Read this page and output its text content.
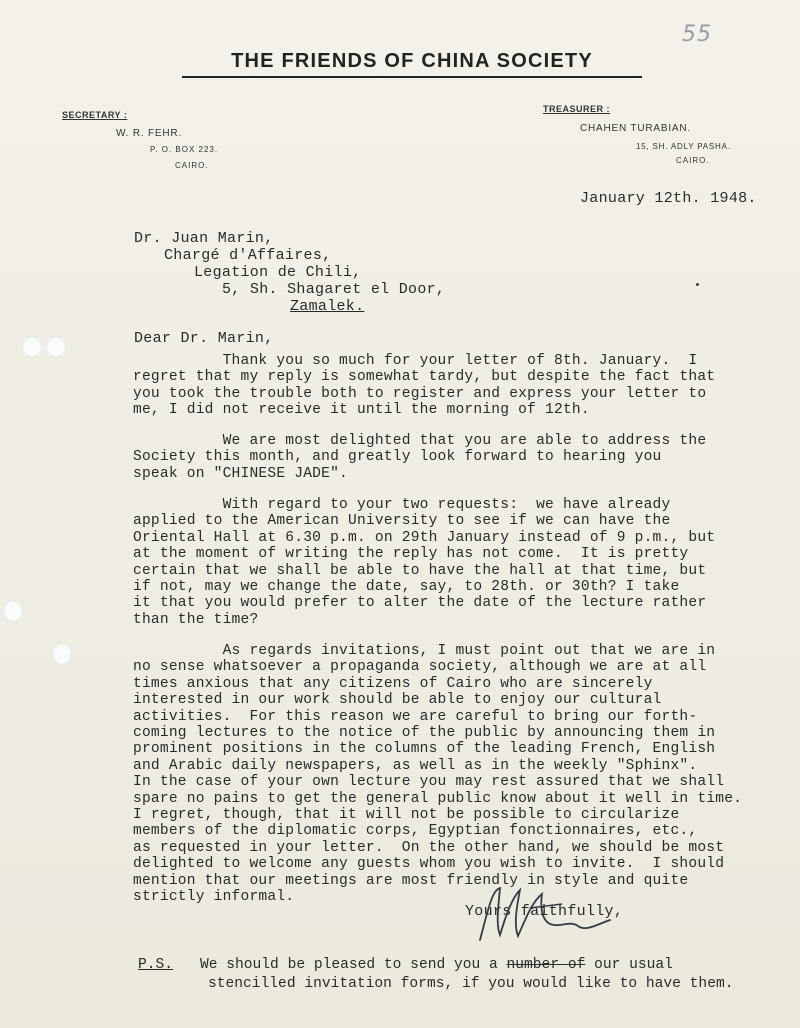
55
THE FRIENDS OF CHINA SOCIETY
SECRETARY :
W. R. FEHR.
P. O. BOX 223.
CAIRO.
TREASURER :
CHAHEN TURABIAN.
15, SH. ADLY PASHA.
CAIRO.
January 12th. 1948.
Dr. Juan Marin,
Chargé d'Affaires,
Legation de Chili,
5, Sh. Shagaret el Door,
Zamalek.
Dear Dr. Marin,
Thank you so much for your letter of 8th. January.  I
regret that my reply is somewhat tardy, but despite the fact that
you took the trouble both to register and express your letter to
me, I did not receive it until the morning of 12th.
We are most delighted that you are able to address the
Society this month, and greatly look forward to hearing you
speak on "CHINESE JADE".
With regard to your two requests:  we have already
applied to the American University to see if we can have the
Oriental Hall at 6.30 p.m. on 29th January instead of 9 p.m., but
at the moment of writing the reply has not come.  It is pretty
certain that we shall be able to have the hall at that time, but
if not, may we change the date, say, to 28th. or 30th? I take
it that you would prefer to alter the date of the lecture rather
than the time?
As regards invitations, I must point out that we are in
no sense whatsoever a propaganda society, although we are at all
times anxious that any citizens of Cairo who are sincerely
interested in our work should be able to enjoy our cultural
activities.  For this reason we are careful to bring our forth-
coming lectures to the notice of the public by announcing them in
prominent positions in the columns of the leading French, English
and Arabic daily newspapers, as well as in the weekly "Sphinx".
In the case of your own lecture you may rest assured that we shall
spare no pains to get the general public know about it well in time.
I regret, though, that it will not be possible to circularize
members of the diplomatic corps, Egyptian fonctionnaires, etc.,
as requested in your letter.  On the other hand, we should be most
delighted to welcome any guests whom you wish to invite.  I should
mention that our meetings are most friendly in style and quite
strictly informal.
Yours faithfully,
P.S. We should be pleased to send you a number of our usual
stencilled invitation forms, if you would like to have them.
